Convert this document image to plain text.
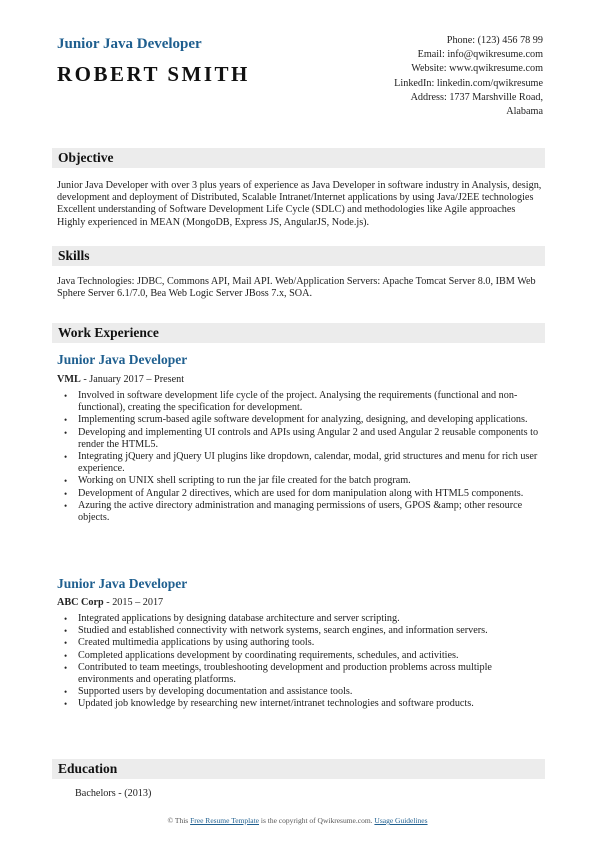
Junior Java Developer
ROBERT SMITH
Phone: (123) 456 78 99
Email: info@qwikresume.com
Website: www.qwikresume.com
LinkedIn: linkedin.com/qwikresume
Address: 1737 Marshville Road,
Alabama
Objective
Junior Java Developer with over 3 plus years of experience as Java Developer in software industry in Analysis, design, development and deployment of Distributed, Scalable Intranet/Internet applications by using Java/J2EE technologies Excellent understanding of Software Development Life Cycle (SDLC) and methodologies like Agile approaches Highly experienced in MEAN (MongoDB, Express JS, AngularJS, Node.js).
Skills
Java Technologies: JDBC, Commons API, Mail API. Web/Application Servers: Apache Tomcat Server 8.0, IBM Web Sphere Server 6.1/7.0, Bea Web Logic Server JBoss 7.x, SOA.
Work Experience
Junior Java Developer
VML - January 2017 – Present
• Involved in software development life cycle of the project. Analysing the requirements (functional and non-functional), creating the specification for development.
• Implementing scrum-based agile software development for analyzing, designing, and developing applications.
• Developing and implementing UI controls and APIs using Angular 2 and used Angular 2 reusable components to render the HTML5.
• Integrating jQuery and jQuery UI plugins like dropdown, calendar, modal, grid structures and menu for rich user experience.
• Working on UNIX shell scripting to run the jar file created for the batch program.
• Development of Angular 2 directives, which are used for dom manipulation along with HTML5 components.
• Azuring the active directory administration and managing permissions of users, GPOS &amp; other resource objects.
Junior Java Developer
ABC Corp - 2015 – 2017
• Integrated applications by designing database architecture and server scripting.
• Studied and established connectivity with network systems, search engines, and information servers.
• Created multimedia applications by using authoring tools.
• Completed applications development by coordinating requirements, schedules, and activities.
• Contributed to team meetings, troubleshooting development and production problems across multiple environments and operating platforms.
• Supported users by developing documentation and assistance tools.
• Updated job knowledge by researching new internet/intranet technologies and software products.
Education
Bachelors - (2013)
© This Free Resume Template is the copyright of Qwikresume.com. Usage Guidelines
